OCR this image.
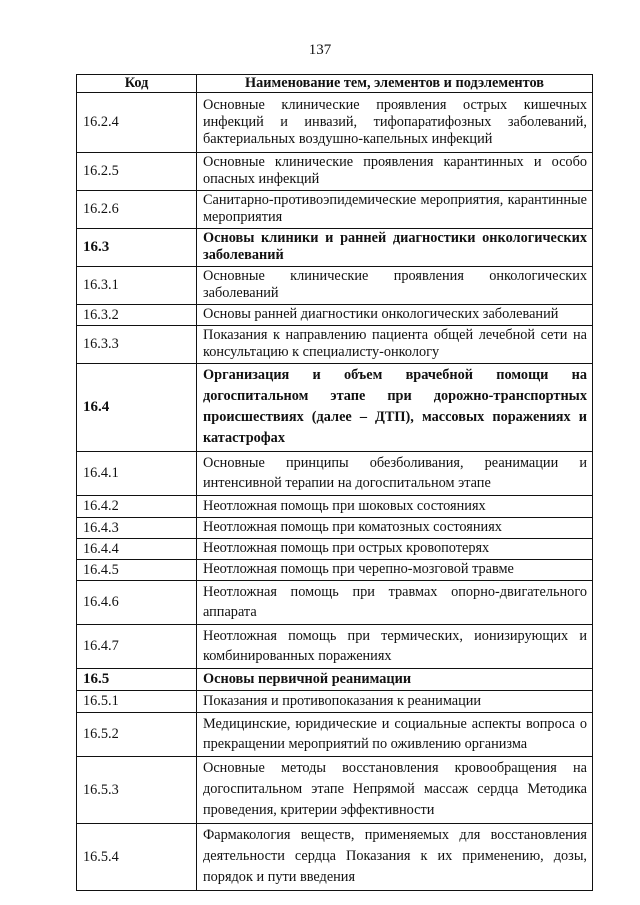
137
Код	Наименование тем, элементов и подэлементов
16.2.4	Основные клинические проявления острых кишечных инфекций и инвазий, тифопаратифозных заболеваний, бактериальных воздушно-капельных инфекций
16.2.5	Основные клинические проявления карантинных и особо опасных инфекций
16.2.6	Санитарно-противоэпидемические мероприятия, карантинные мероприятия
16.3	Основы клиники и ранней диагностики онкологических заболеваний
16.3.1	Основные клинические проявления онкологических заболеваний
16.3.2	Основы ранней диагностики онкологических заболеваний
16.3.3	Показания к направлению пациента общей лечебной сети на консультацию к специалисту-онкологу
16.4	Организация и объем врачебной помощи на догоспитальном этапе при дорожно-транспортных происшествиях (далее – ДТП), массовых поражениях и катастрофах
16.4.1	Основные принципы обезболивания, реанимации и интенсивной терапии на догоспитальном этапе
16.4.2	Неотложная помощь при шоковых состояниях
16.4.3	Неотложная помощь при коматозных состояниях
16.4.4	Неотложная помощь при острых кровопотерях
16.4.5	Неотложная помощь при черепно-мозговой травме
16.4.6	Неотложная помощь при травмах опорно-двигательного аппарата
16.4.7	Неотложная помощь при термических, ионизирующих и комбинированных поражениях
16.5	Основы первичной реанимации
16.5.1	Показания и противопоказания к реанимации
16.5.2	Медицинские, юридические и социальные аспекты вопроса о прекращении мероприятий по оживлению организма
16.5.3	Основные методы восстановления кровообращения на догоспитальном этапе Непрямой массаж сердца Методика проведения, критерии эффективности
16.5.4	Фармакология веществ, применяемых для восстановления деятельности сердца Показания к их применению, дозы, порядок и пути введения
